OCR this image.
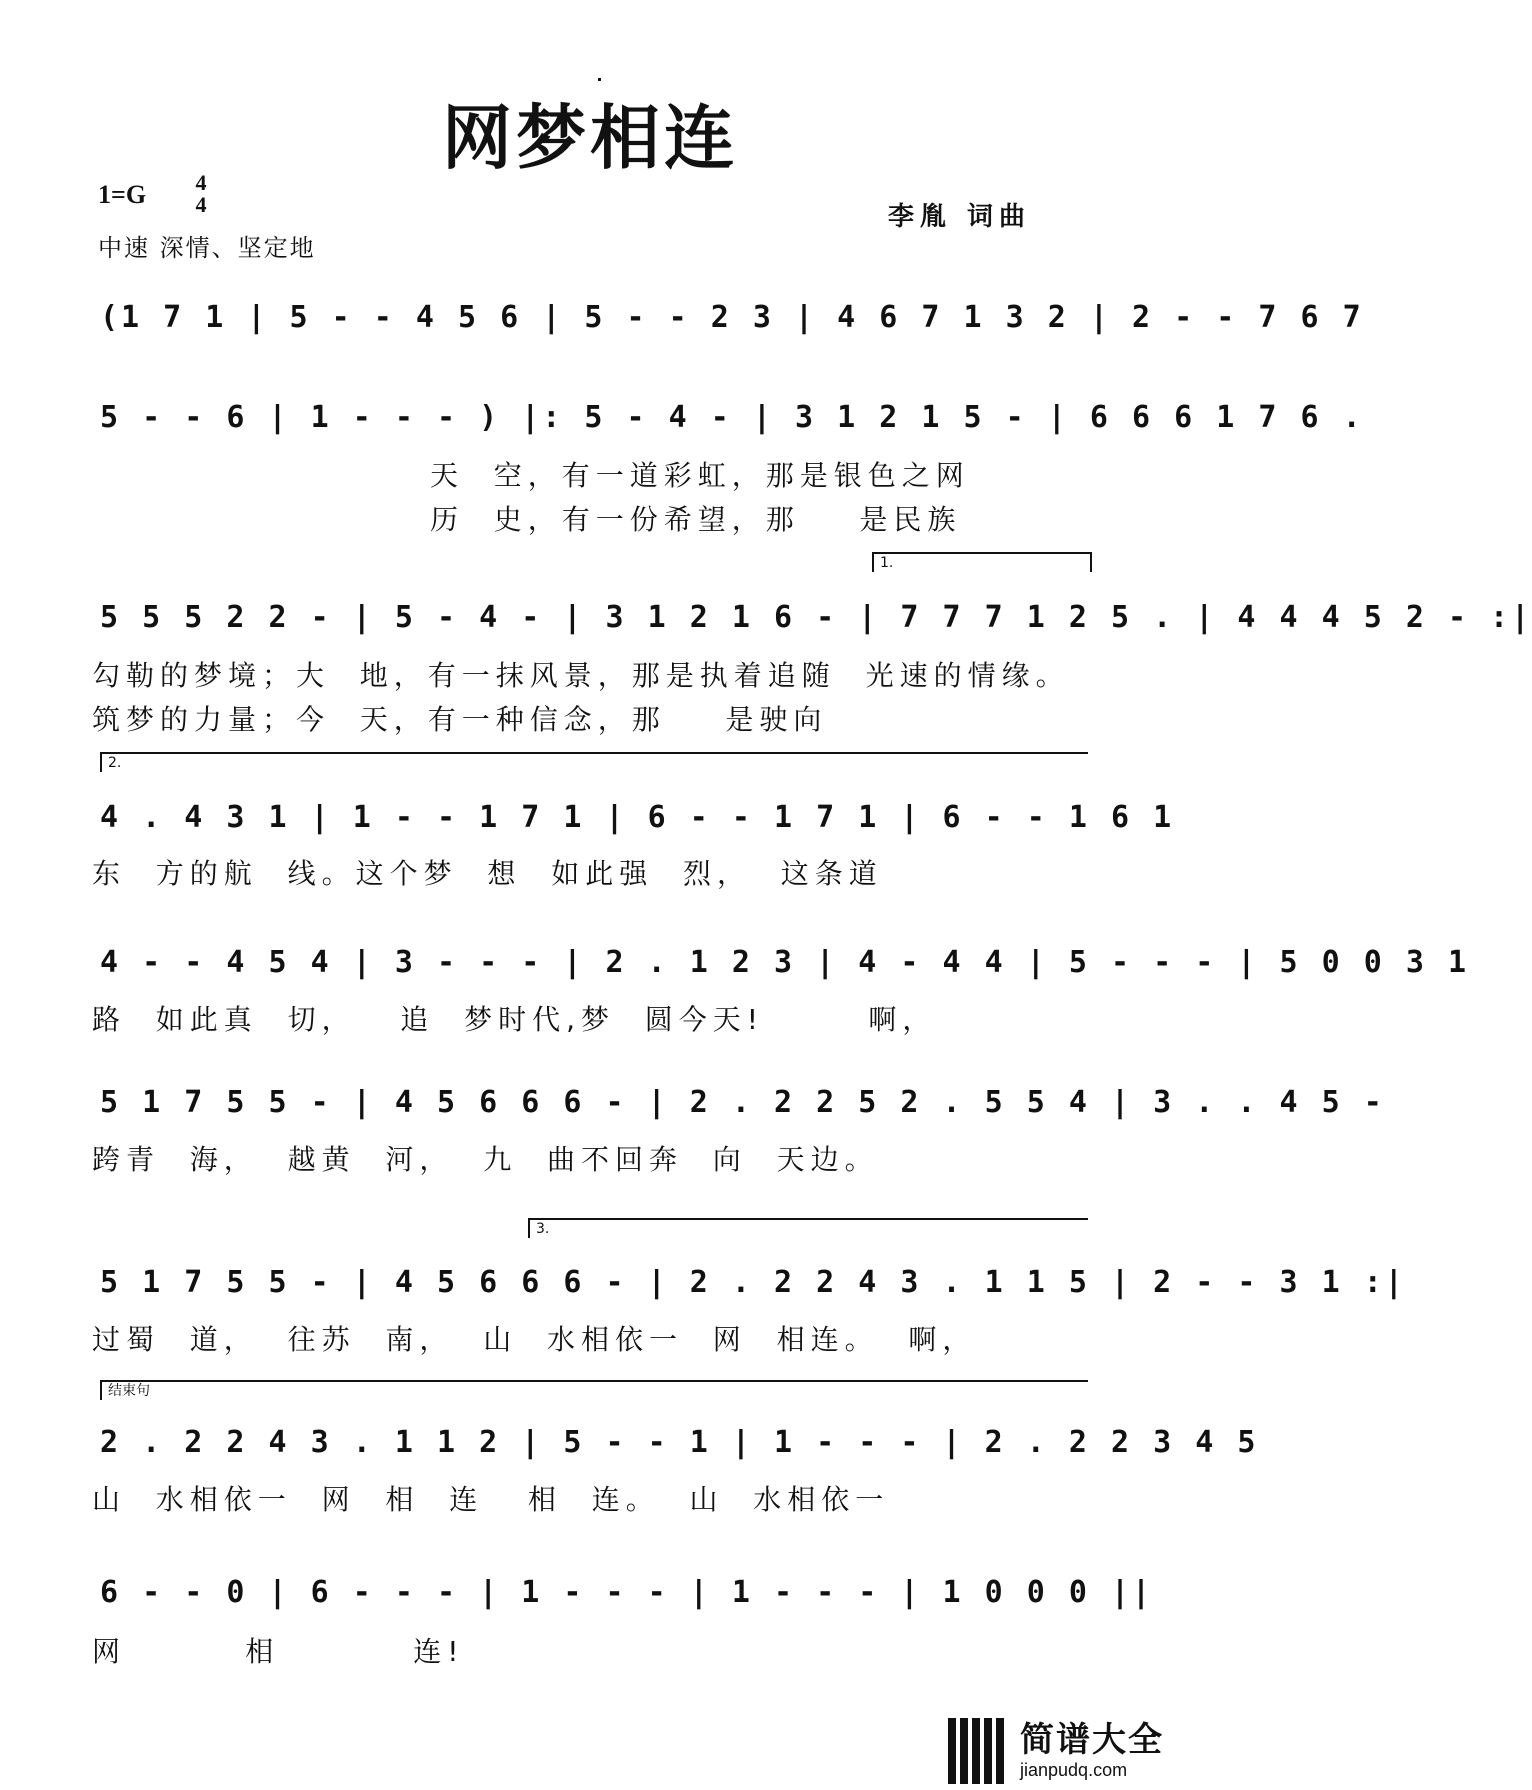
网梦相连
1=G 4
4
中速 深情、坚定地
李胤 词曲
(1 7 1 | 5 - - 4 5 6 | 5 - - 2 3 | 4 6 7 1 3 2 | 2 - - 7 6 7
5 - - 6 | 1 - - - ) |: 5 - 4 - | 3 1 2 1 5 - | 6 6 6 1 7 6 .
天  空，有一道彩虹，那是银色之网
历  史，有一份希望，那    是民族
1.
5 5 5 2 2 - | 5 - 4 - | 3 1 2 1 6 - | 7 7 7 1 2 5 . | 4 4 4 5 2 - :|
勾勒的梦境；大  地，有一抹风景，那是执着追随  光速的情缘。
筑梦的力量；今  天，有一种信念，那    是驶向
2.
4 . 4 3 1 | 1 - - 1 7 1 | 6 - - 1 7 1 | 6 - - 1 6 1
东  方的航  线。这个梦  想  如此强  烈，  这条道
4 - - 4 5 4 | 3 - - - | 2 . 1 2 3 | 4 - 4 4 | 5 - - - | 5 0 0 3 1
路  如此真  切，   追  梦时代,梦  圆今天!       啊，
5 1 7 5 5 - | 4 5 6 6 6 - | 2 . 2 2 5 2 . 5 5 4 | 3 . . 4 5 -
跨青  海，  越黄  河，  九  曲不回奔  向  天边。
3.
5 1 7 5 5 - | 4 5 6 6 6 - | 2 . 2 2 4 3 . 1 1 5 | 2 - - 3 1 :|
过蜀  道，  往苏  南，  山  水相依一  网  相连。  啊，
结束句
2 . 2 2 4 3 . 1 1 2 | 5 - - 1 | 1 - - - | 2 . 2 2 3 4 5
山  水相依一  网  相  连   相  连。  山  水相依一
6 - - 0 | 6 - - - | 1 - - - | 1 - - - | 1 0 0 0 ||
网        相         连!
简谱大全
jianpudq.com
